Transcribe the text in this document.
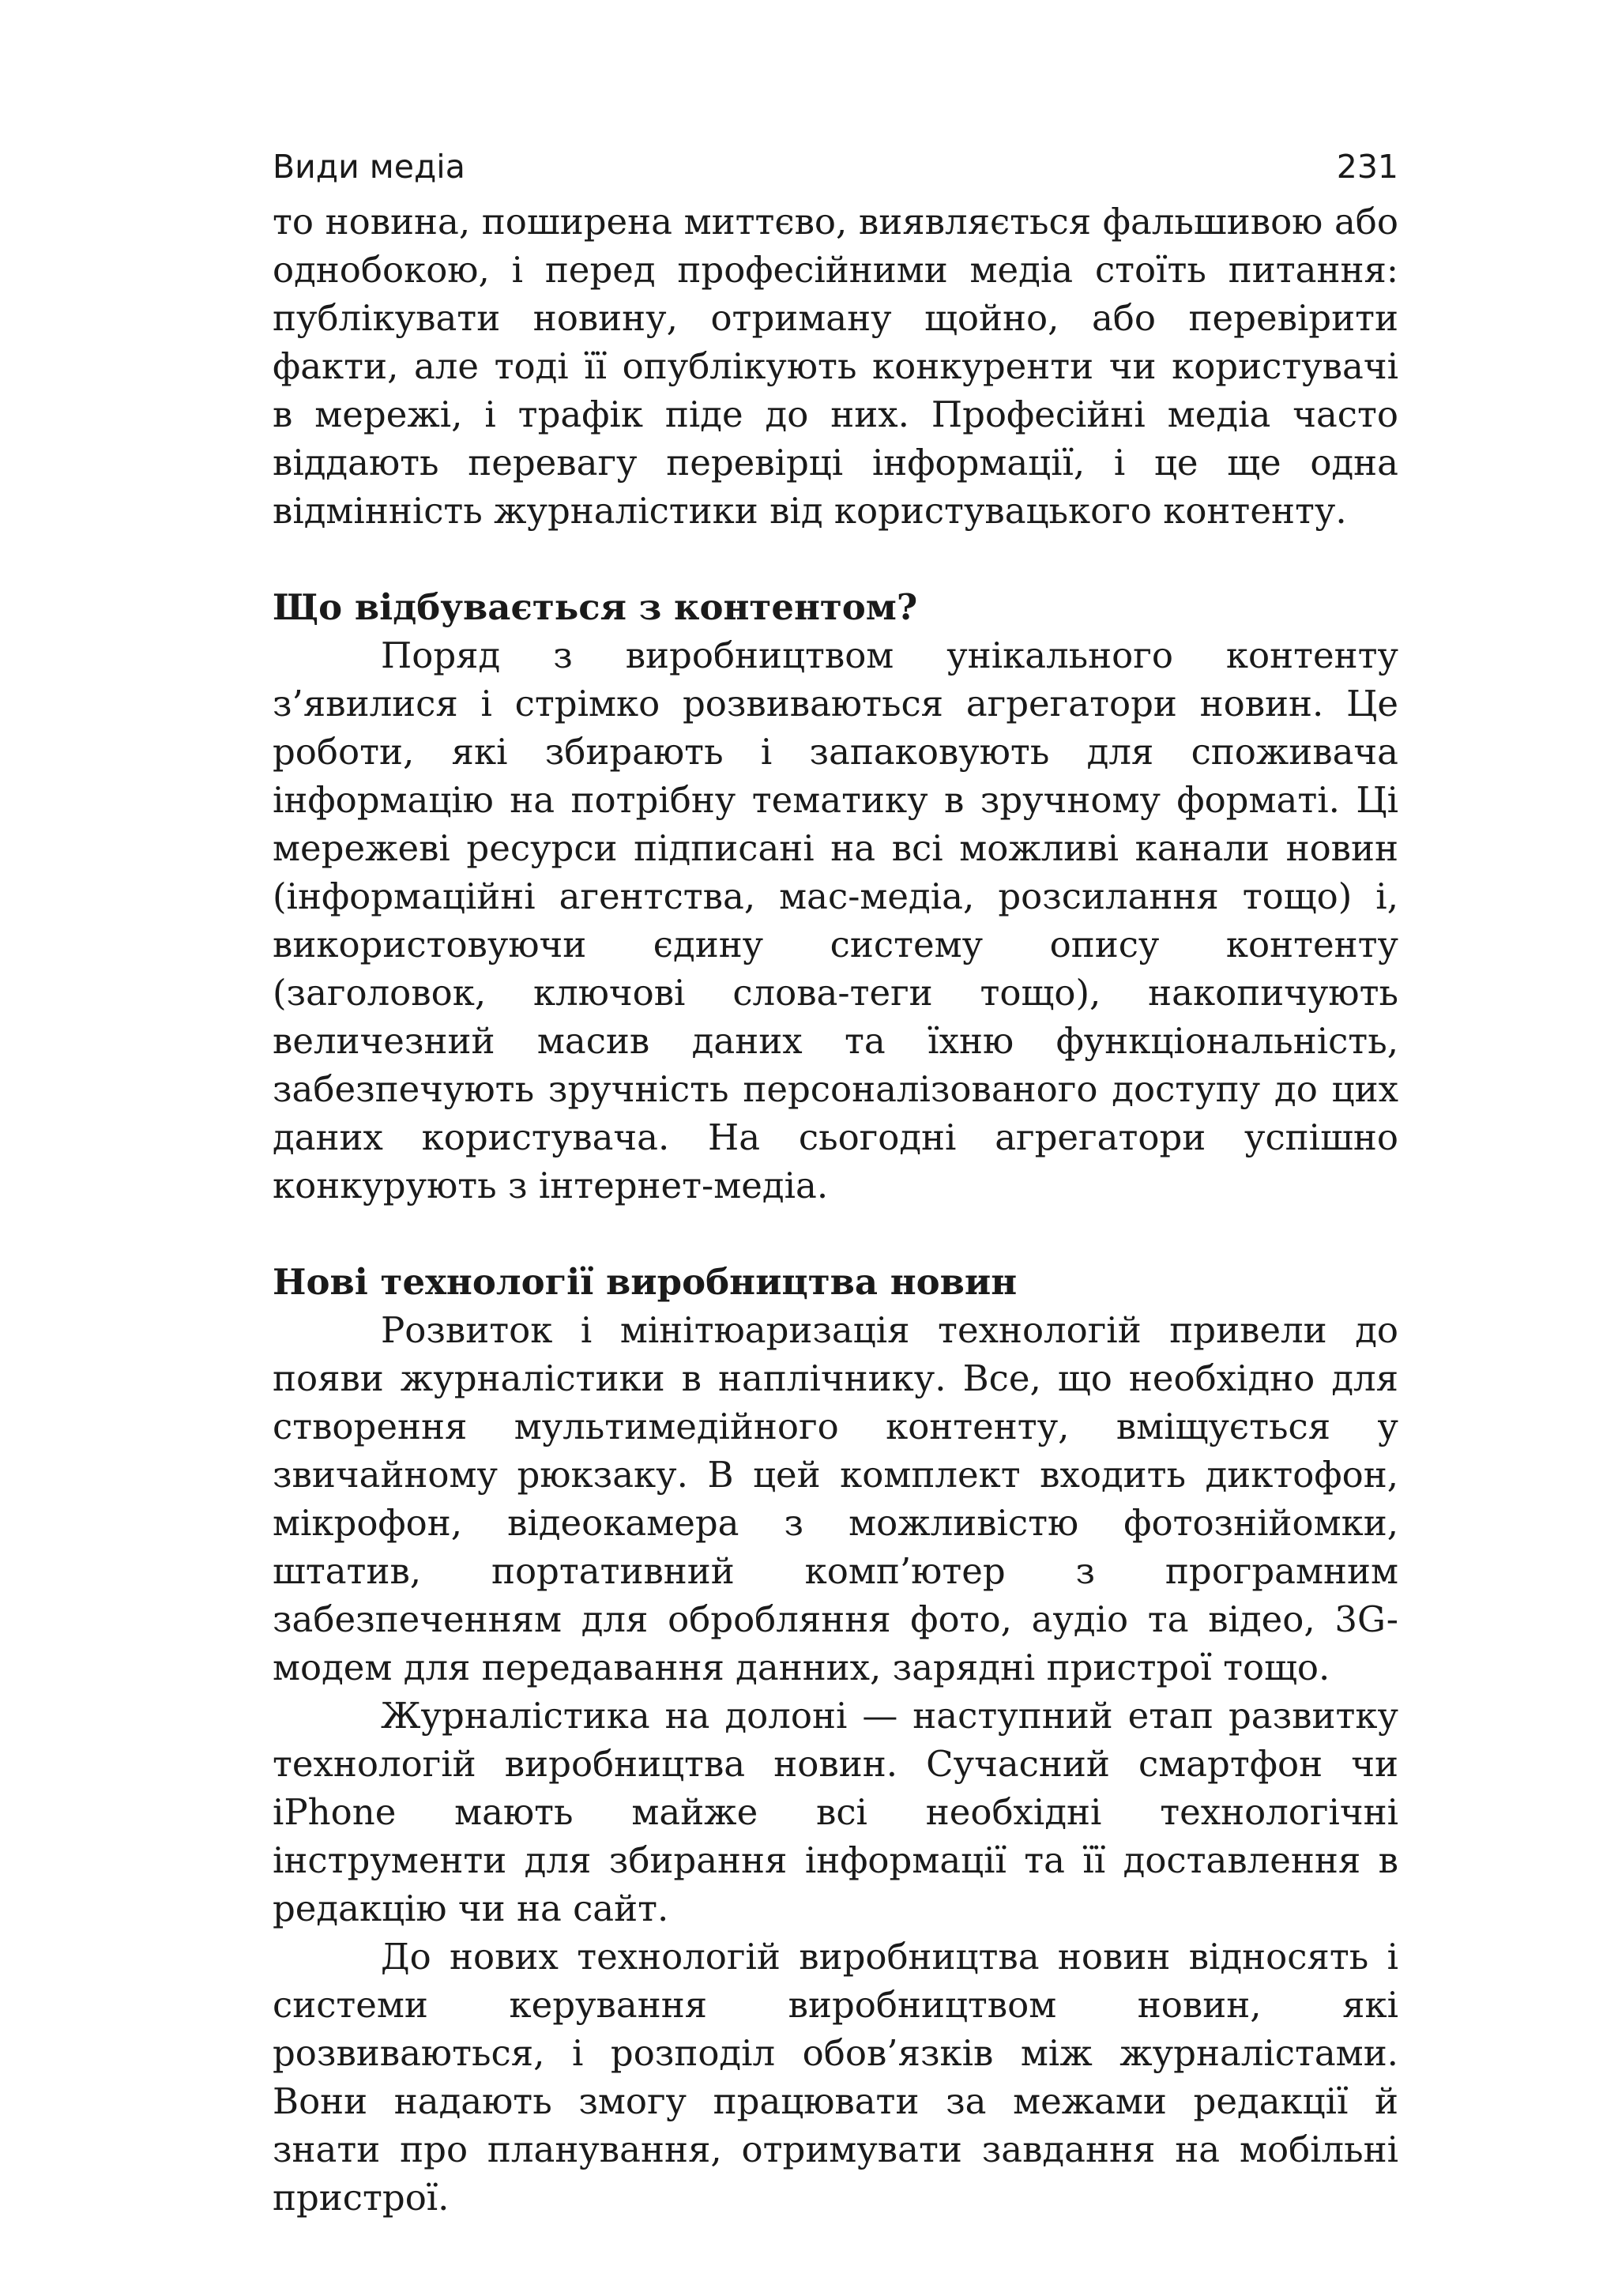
Види медіа	231

то новина, поширена миттєво, виявляється фальшивою або однобокою, і перед професійними медіа стоїть питання: публікувати новину, отриману щойно, або перевірити факти, але тоді її опублікують конкуренти чи користувачі в мережі, і трафік піде до них. Професійні медіа часто віддають перевагу перевірці інформації, і це ще одна відмінність журналістики від користувацького контенту.

Що відбувається з контентом?

Поряд з виробництвом унікального контенту з’явилися і стрімко розвиваються агрегатори новин. Це роботи, які збирають і запаковують для споживача інформацію на потрібну тематику в зручному форматі. Ці мережеві ресурси підписані на всі можливі канали новин (інформаційні агентства, мас-медіа, розсилання тощо) і, використовуючи єдину систему опису контенту (заголовок, ключові слова-теги тощо), накопичують величезний масив даних та їхню функціональність, забезпечують зручність персоналізованого доступу до цих даних користувача. На сьогодні агрегатори успішно конкурують з інтернет-медіа.

Нові технології виробництва новин

Розвиток і мінітюаризація технологій привели до появи журналістики в наплічнику. Все, що необхідно для створення мультимедійного контенту, вміщується у звичайному рюкзаку. В цей комплект входить диктофон, мікрофон, відеокамера з можливістю фотознійомки, штатив, портативний комп’ютер з програмним забезпеченням для обробляння фото, аудіо та відео, 3G-модем для передавання данних, зарядні пристрої тощо.

Журналістика на долоні — наступний етап развитку технологій виробництва новин. Сучасний смартфон чи iPhone мають майже всі необхідні технологічні інструменти для збирання інформації та її доставлення в редакцію чи на сайт.

До нових технологій виробництва новин відносять і системи керування виробництвом новин, які розвиваються, і розподіл обов’язків між журналістами. Вони надають змогу працювати за межами редакції й знати про планування, отримувати завдання на мобільні пристрої.
